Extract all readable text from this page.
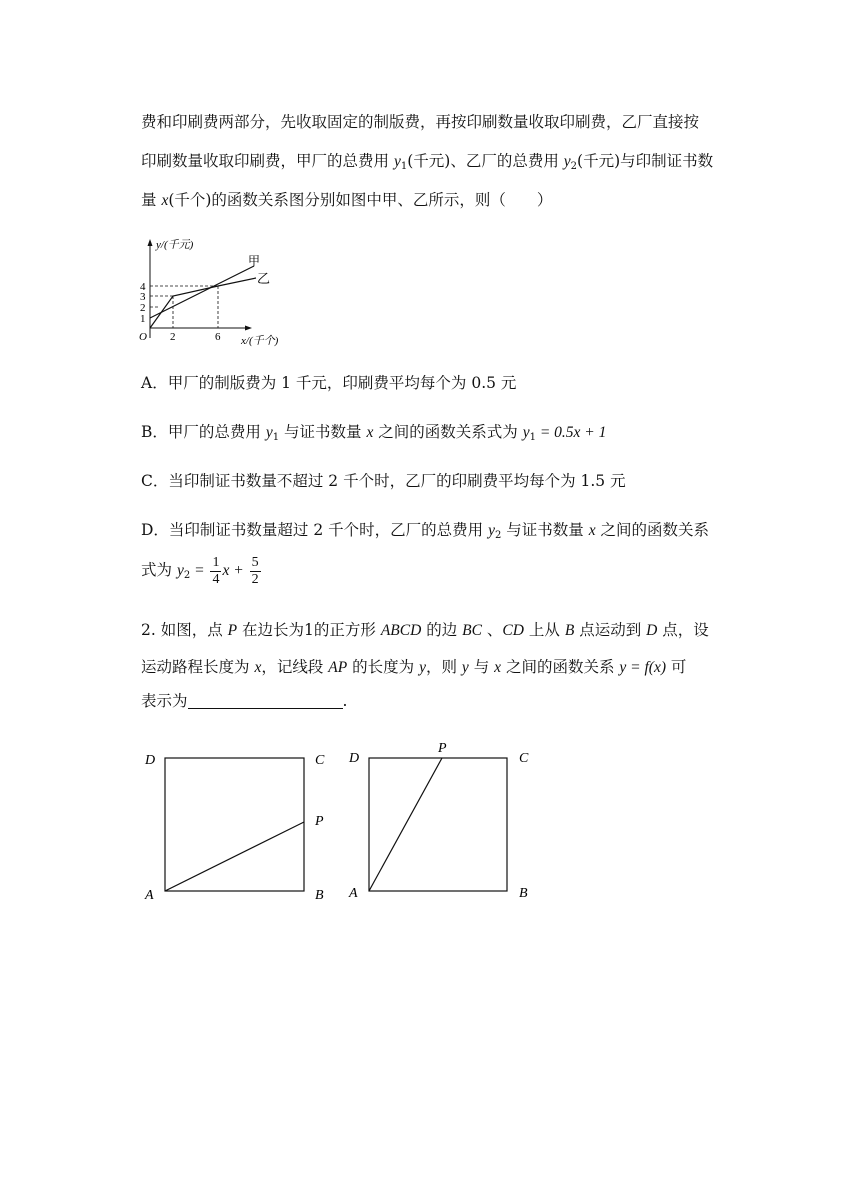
费和印刷费两部分，先收取固定的制版费，再按印刷数量收取印刷费，乙厂直接按
印刷数量收取印刷费，甲厂的总费用 $y_1$(千元)、乙厂的总费用 $y_2$(千元)与印制证书数
量 x(千个)的函数关系图分别如图中甲、乙所示，则（　　）
y/(千元)
甲
乙
4
3
2
1
O 2	6 x/(千个)
A．甲厂的制版费为 1 千元，印刷费平均每个为 0.5 元
B．甲厂的总费用 $y_1$ 与证书数量 x 之间的函数关系式为 $y_1 = 0.5x + 1$
C．当印制证书数量不超过 2 千个时，乙厂的印刷费平均每个为 1.5 元
D．当印制证书数量超过 2 千个时，乙厂的总费用 $y_2$ 与证书数量 x 之间的函数关系
式为 $y_2 = \frac{1}{4}$ $x + \frac{5}{2}$
2. 如图，点 P 在边长为1的正方形 ABCD 的边 BC 、CD 上从 B 点运动到 D 点，设
运动路程长度为 x，记线段 AP 的长度为 y，则 y 与 x 之间的函数关系 y = f(x) 可
表示为	.
D	C
P
A	B
D
P
C
A	B
